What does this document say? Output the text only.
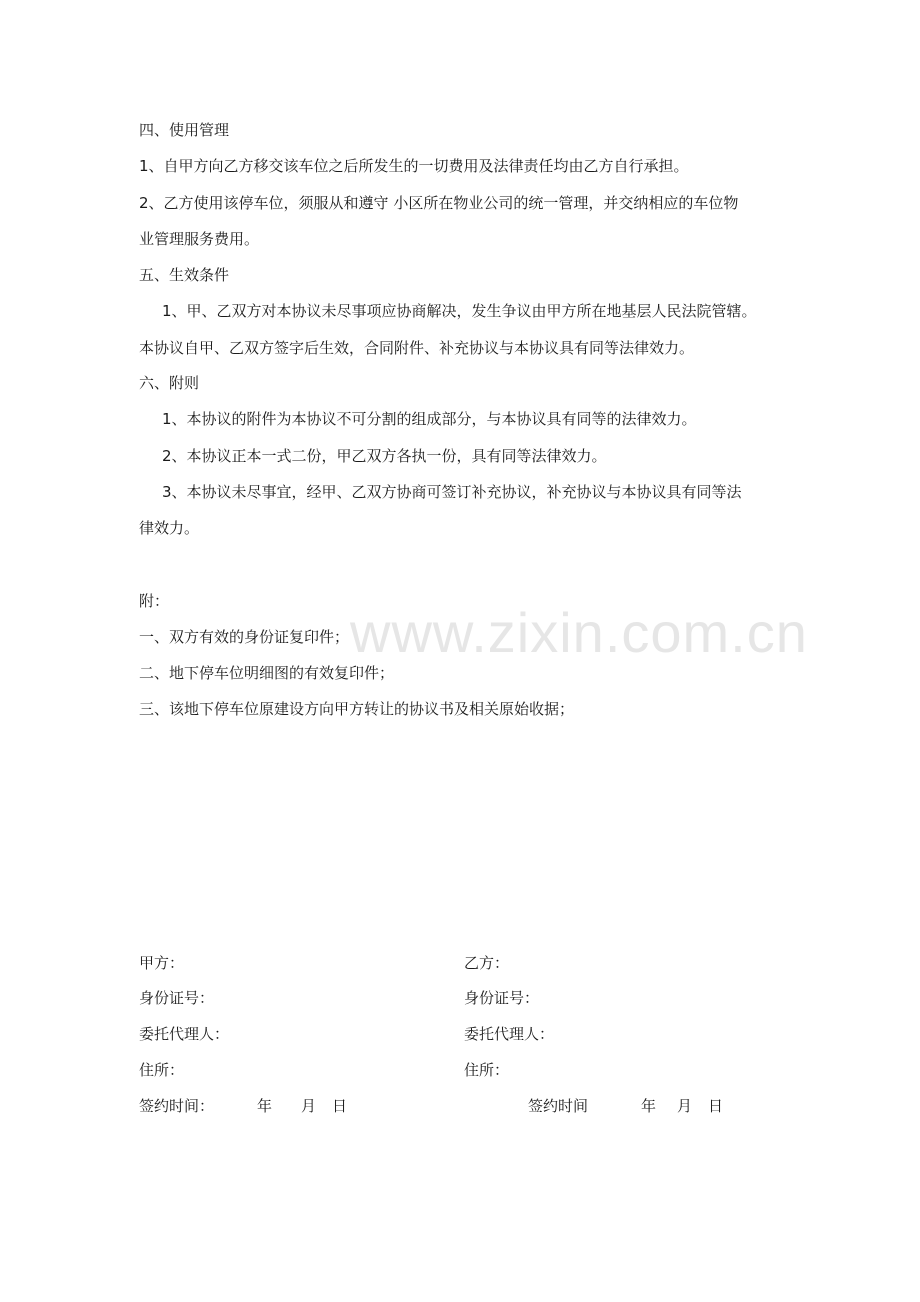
www.zixin.com.cn
四、使用管理
1、自甲方向乙方移交该车位之后所发生的一切费用及法律责任均由乙方自行承担。
2、乙方使用该停车位，须服从和遵守 小区所在物业公司的统一管理，并交纳相应的车位物
业管理服务费用。
五、生效条件
1、甲、乙双方对本协议未尽事项应协商解决，发生争议由甲方所在地基层人民法院管辖。
本协议自甲、乙双方签字后生效，合同附件、补充协议与本协议具有同等法律效力。
六、附则
1、本协议的附件为本协议不可分割的组成部分，与本协议具有同等的法律效力。
2、本协议正本一式二份，甲乙双方各执一份，具有同等法律效力。
3、本协议未尽事宜，经甲、乙双方协商可签订补充协议，补充协议与本协议具有同等法
律效力。
附：
一、双方有效的身份证复印件；
二、地下停车位明细图的有效复印件；
三、该地下停车位原建设方向甲方转让的协议书及相关原始收据；
甲方：
身份证号：
委托代理人：
住所：
签约时间：	年 月 日
乙方：
身份证号：
委托代理人：
住所：
签约时间	年 月 日
